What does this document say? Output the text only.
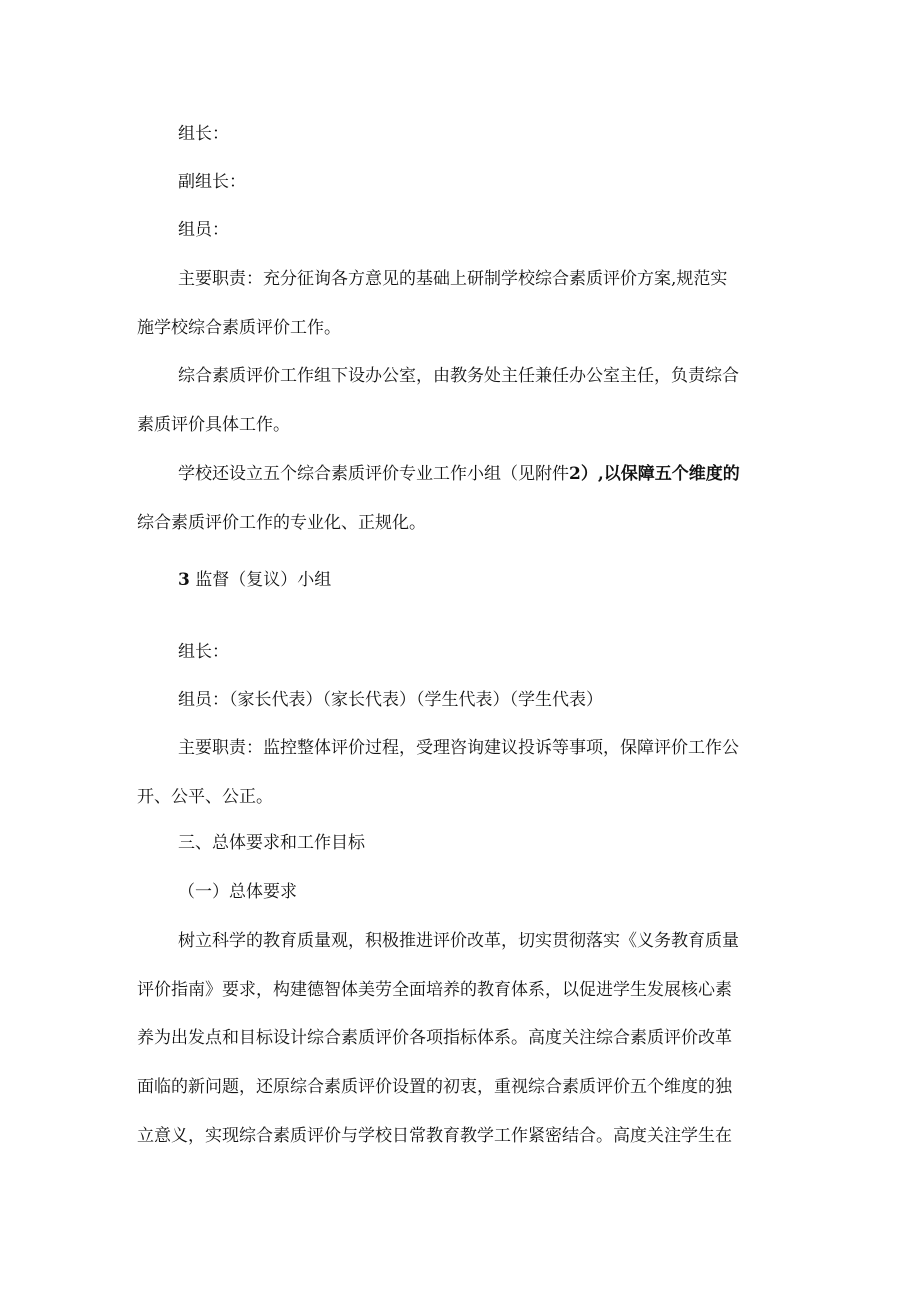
组长：
副组长：
组员：
主要职责：充分征询各方意见的基础上研制学校综合素质评价方案,规范实
施学校综合素质评价工作。
综合素质评价工作组下设办公室，由教务处主任兼任办公室主任，负责综合
素质评价具体工作。
学校还设立五个综合素质评价专业工作小组（见附件2）,以保障五个维度的
综合素质评价工作的专业化、正规化。
3 监督（复议）小组
组长：
组员：（家长代表）（家长代表）（学生代表）（学生代表）
主要职责：监控整体评价过程，受理咨询建议投诉等事项，保障评价工作公
开、公平、公正。
三、总体要求和工作目标
（一）总体要求
树立科学的教育质量观，积极推进评价改革，切实贯彻落实《义务教育质量
评价指南》要求，构建德智体美劳全面培养的教育体系，以促进学生发展核心素
养为出发点和目标设计综合素质评价各项指标体系。高度关注综合素质评价改革
面临的新问题，还原综合素质评价设置的初衷，重视综合素质评价五个维度的独
立意义，实现综合素质评价与学校日常教育教学工作紧密结合。高度关注学生在
